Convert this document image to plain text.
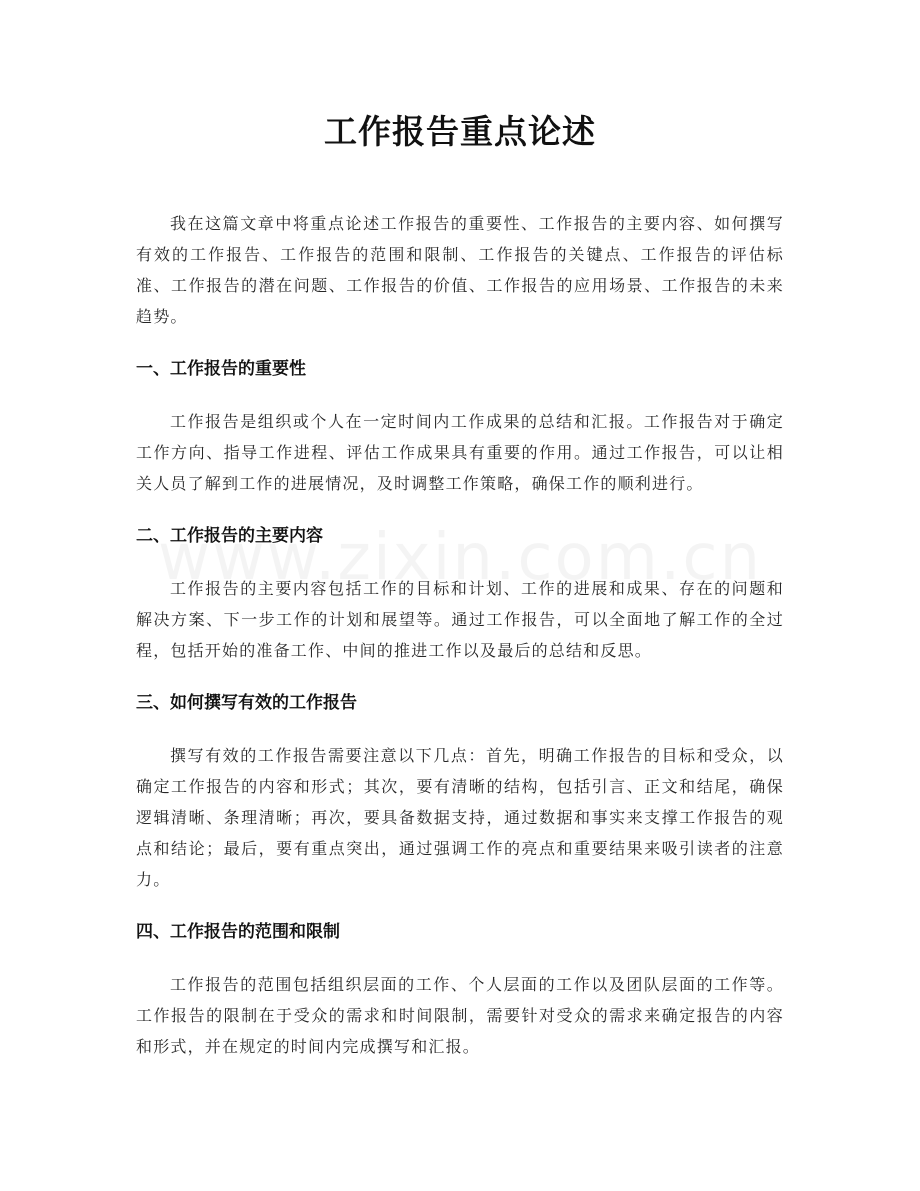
工作报告重点论述

我在这篇文章中将重点论述工作报告的重要性、工作报告的主要内容、如何撰写有效的工作报告、工作报告的范围和限制、工作报告的关键点、工作报告的评估标准、工作报告的潜在问题、工作报告的价值、工作报告的应用场景、工作报告的未来趋势。

一、工作报告的重要性

工作报告是组织或个人在一定时间内工作成果的总结和汇报。工作报告对于确定工作方向、指导工作进程、评估工作成果具有重要的作用。通过工作报告，可以让相关人员了解到工作的进展情况，及时调整工作策略，确保工作的顺利进行。

二、工作报告的主要内容

工作报告的主要内容包括工作的目标和计划、工作的进展和成果、存在的问题和解决方案、下一步工作的计划和展望等。通过工作报告，可以全面地了解工作的全过程，包括开始的准备工作、中间的推进工作以及最后的总结和反思。

三、如何撰写有效的工作报告

撰写有效的工作报告需要注意以下几点：首先，明确工作报告的目标和受众，以确定工作报告的内容和形式；其次，要有清晰的结构，包括引言、正文和结尾，确保逻辑清晰、条理清晰；再次，要具备数据支持，通过数据和事实来支撑工作报告的观点和结论；最后，要有重点突出，通过强调工作的亮点和重要结果来吸引读者的注意力。

四、工作报告的范围和限制

工作报告的范围包括组织层面的工作、个人层面的工作以及团队层面的工作等。工作报告的限制在于受众的需求和时间限制，需要针对受众的需求来确定报告的内容和形式，并在规定的时间内完成撰写和汇报。
